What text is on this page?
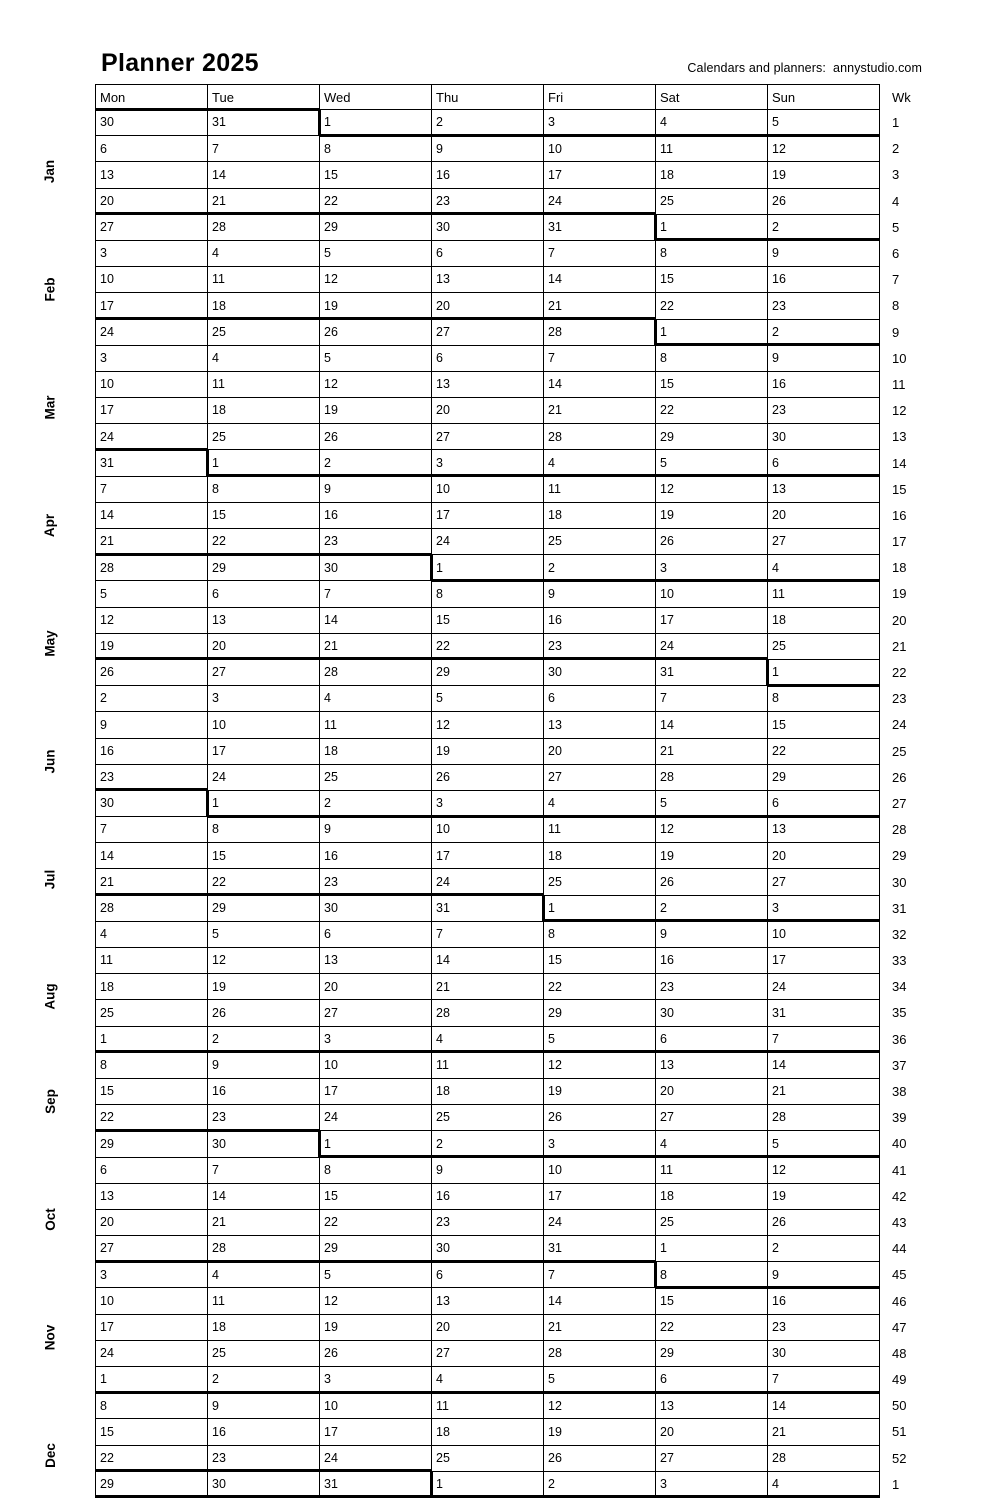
Planner 2025	Calendars and planners:  annystudio.com
Jan
Feb
Mar
Apr
May
Jun
Jul
Aug
Sep
Oct
Nov
Dec
Mon	Tue	Wed	Thu	Fri	Sat	Sun	Wk
30	31	1	2	3	4	5	1
6	7	8	9	10	11	12	2
13	14	15	16	17	18	19	3
20	21	22	23	24	25	26	4
27	28	29	30	31	1	2	5
3	4	5	6	7	8	9	6
10	11	12	13	14	15	16	7
17	18	19	20	21	22	23	8
24	25	26	27	28	1	2	9
3	4	5	6	7	8	9	10
10	11	12	13	14	15	16	11
17	18	19	20	21	22	23	12
24	25	26	27	28	29	30	13
31	1	2	3	4	5	6	14
7	8	9	10	11	12	13	15
14	15	16	17	18	19	20	16
21	22	23	24	25	26	27	17
28	29	30	1	2	3	4	18
5	6	7	8	9	10	11	19
12	13	14	15	16	17	18	20
19	20	21	22	23	24	25	21
26	27	28	29	30	31	1	22
2	3	4	5	6	7	8	23
9	10	11	12	13	14	15	24
16	17	18	19	20	21	22	25
23	24	25	26	27	28	29	26
30	1	2	3	4	5	6	27
7	8	9	10	11	12	13	28
14	15	16	17	18	19	20	29
21	22	23	24	25	26	27	30
28	29	30	31	1	2	3	31
4	5	6	7	8	9	10	32
11	12	13	14	15	16	17	33
18	19	20	21	22	23	24	34
25	26	27	28	29	30	31	35
1	2	3	4	5	6	7	36
8	9	10	11	12	13	14	37
15	16	17	18	19	20	21	38
22	23	24	25	26	27	28	39
29	30	1	2	3	4	5	40
6	7	8	9	10	11	12	41
13	14	15	16	17	18	19	42
20	21	22	23	24	25	26	43
27	28	29	30	31	1	2	44
3	4	5	6	7	8	9	45
10	11	12	13	14	15	16	46
17	18	19	20	21	22	23	47
24	25	26	27	28	29	30	48
1	2	3	4	5	6	7	49
8	9	10	11	12	13	14	50
15	16	17	18	19	20	21	51
22	23	24	25	26	27	28	52
29	30	31	1	2	3	4	1
